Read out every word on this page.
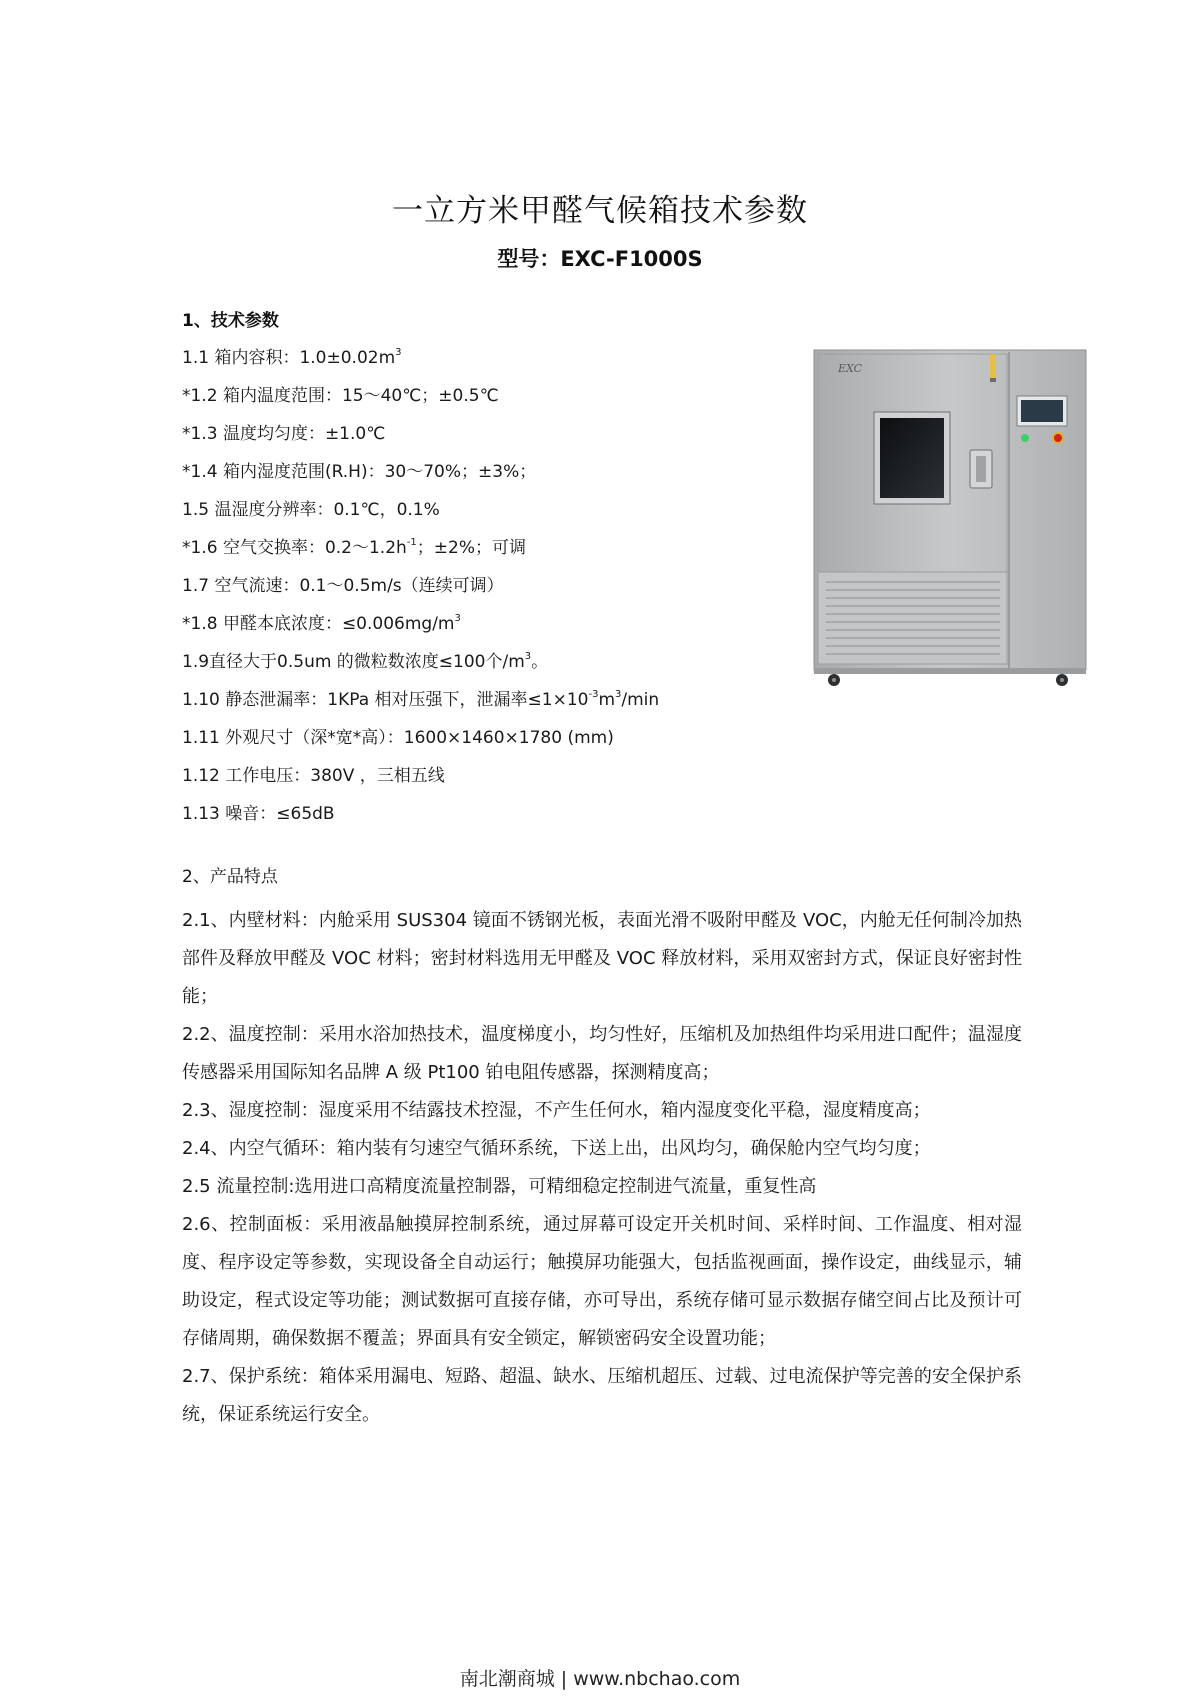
一立方米甲醛气候箱技术参数
型号：EXC-F1000S
1、技术参数
1.1 箱内容积：$1.0\pm 0.02m^3$
*1.2 箱内温度范围：15～40℃；±0.5℃
*1.3 温度均匀度：±1.0℃
*1.4 箱内湿度范围(R.H)：30～70%；±3%；
1.5 温湿度分辨率：0.1℃，0.1%
*1.6 空气交换率：$0.2\sim 1.2h^{-1}$；±2%；可调
1.7 空气流速：0.1～0.5m/s（连续可调）
*1.8 甲醛本底浓度：$\le 0.006mg/m^3$
1.9直径大于0.5um 的微粒数浓度≤100个$/m^3$。
1.10 静态泄漏率：1KPa 相对压强下，泄漏率$\le 1\times 10^{-3}m^3/\min$
1.11 外观尺寸（深*宽*高）：1600×1460×1780 (mm)
1.12 工作电压：380V ，三相五线
1.13 噪音：≤65dB
EXC
2、产品特点

2.1、内壁材料：内舱采用 SUS304 镜面不锈钢光板，表面光滑不吸附甲醛及 VOC，内舱无任何制冷加热部件及释放甲醛及 VOC 材料；密封材料选用无甲醛及 VOC 释放材料，采用双密封方式，保证良好密封性能；

2.2、温度控制：采用水浴加热技术，温度梯度小，均匀性好，压缩机及加热组件均采用进口配件；温湿度传感器采用国际知名品牌 A 级 Pt100 铂电阻传感器，探测精度高；

2.3、湿度控制：湿度采用不结露技术控湿，不产生任何水，箱内湿度变化平稳，湿度精度高；

2.4、内空气循环：箱内装有匀速空气循环系统，下送上出，出风均匀，确保舱内空气均匀度；

2.5 流量控制:选用进口高精度流量控制器，可精细稳定控制进气流量，重复性高

2.6、控制面板：采用液晶触摸屏控制系统，通过屏幕可设定开关机时间、采样时间、工作温度、相对湿度、程序设定等参数，实现设备全自动运行；触摸屏功能强大，包括监视画面，操作设定，曲线显示，辅助设定，程式设定等功能；测试数据可直接存储，亦可导出，系统存储可显示数据存储空间占比及预计可存储周期，确保数据不覆盖；界面具有安全锁定，解锁密码安全设置功能；

2.7、保护系统：箱体采用漏电、短路、超温、缺水、压缩机超压、过载、过电流保护等完善的安全保护系统，保证系统运行安全。

南北潮商城 | www.nbchao.com
